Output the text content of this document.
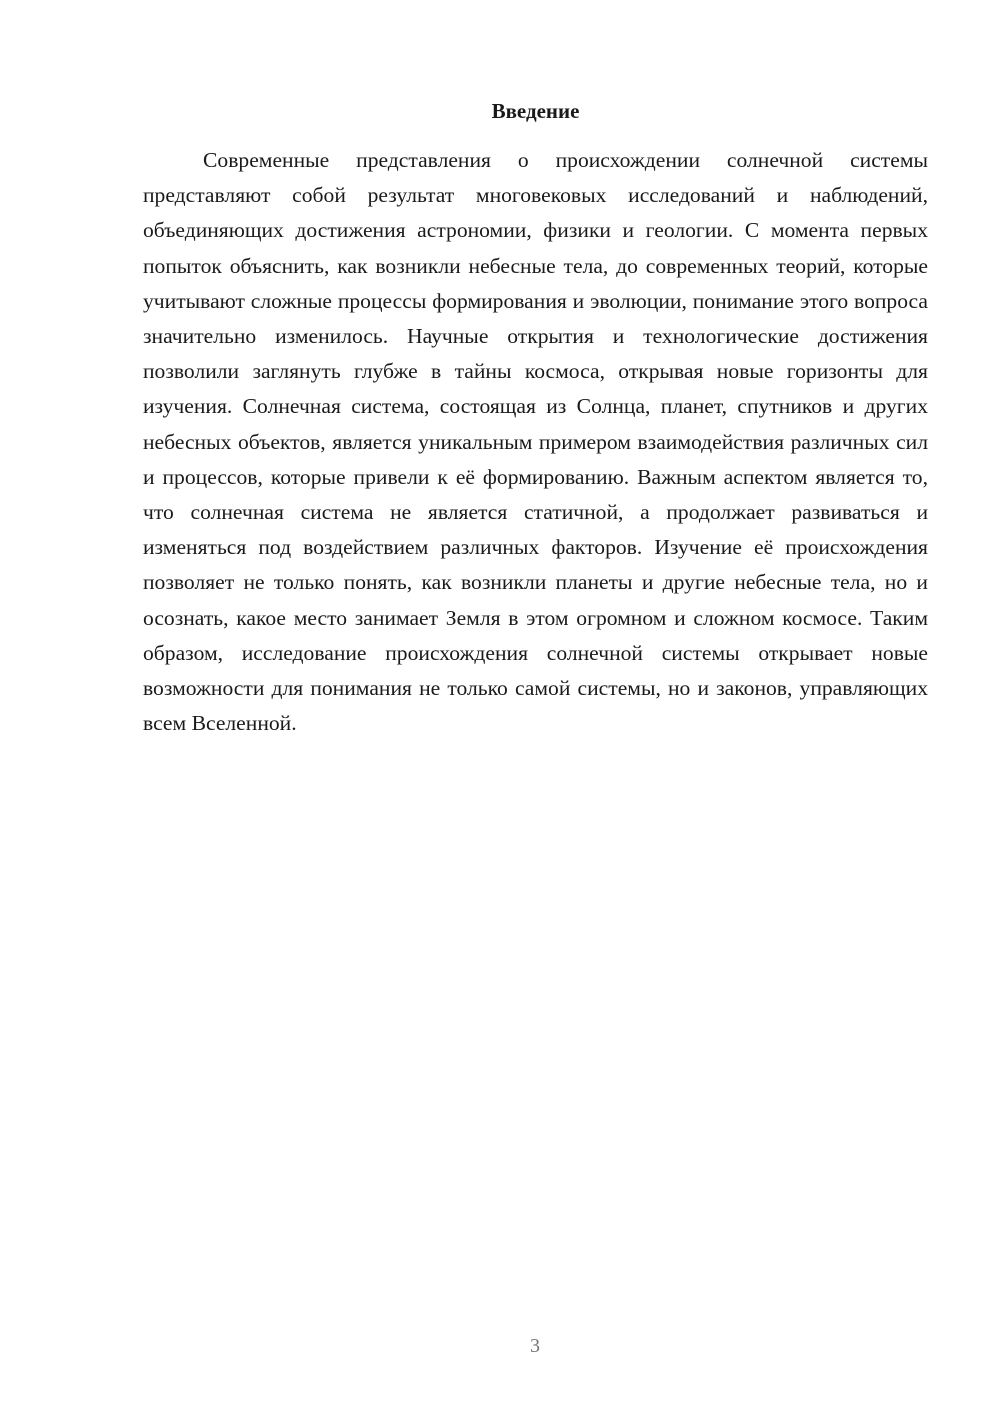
Введение

Современные представления о происхождении солнечной системы представляют собой результат многовековых исследований и наблюдений, объединяющих достижения астрономии, физики и геологии. С момента первых попыток объяснить, как возникли небесные тела, до современных теорий, которые учитывают сложные процессы формирования и эволюции, понимание этого вопроса значительно изменилось. Научные открытия и технологические достижения позволили заглянуть глубже в тайны космоса, открывая новые горизонты для изучения. Солнечная система, состоящая из Солнца, планет, спутников и других небесных объектов, является уникальным примером взаимодействия различных сил и процессов, которые привели к её формированию. Важным аспектом является то, что солнечная система не является статичной, а продолжает развиваться и изменяться под воздействием различных факторов. Изучение её происхождения позволяет не только понять, как возникли планеты и другие небесные тела, но и осознать, какое место занимает Земля в этом огромном и сложном космосе. Таким образом, исследование происхождения солнечной системы открывает новые возможности для понимания не только самой системы, но и законов, управляющих всем Вселенной.

3
